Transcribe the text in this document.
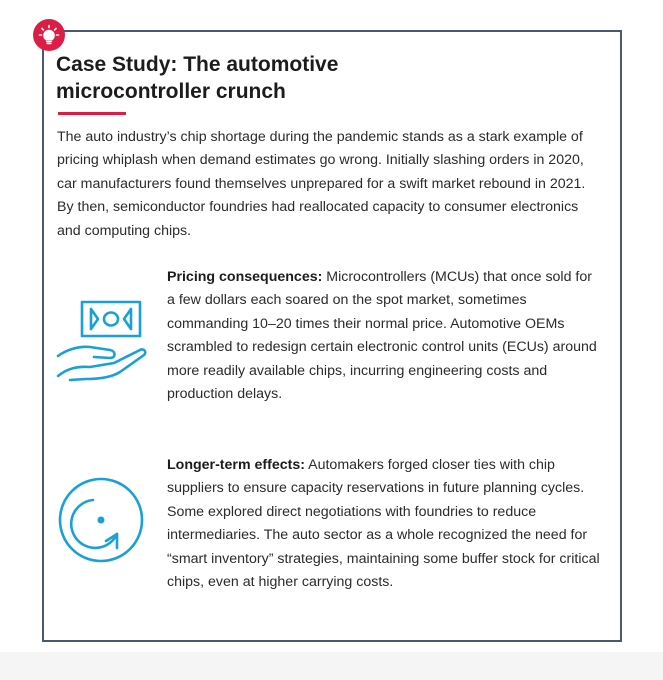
Case Study: The automotive
microcontroller crunch

The auto industry’s chip shortage during the pandemic stands as a stark example of pricing whiplash when demand estimates go wrong. Initially slashing orders in 2020, car manufacturers found themselves unprepared for a swift market rebound in 2021. By then, semiconductor foundries had reallocated capacity to consumer electronics and computing chips.

Pricing consequences: Microcontrollers (MCUs) that once sold for a few dollars each soared on the spot market, sometimes commanding 10–20 times their normal price. Automotive OEMs scrambled to redesign certain electronic control units (ECUs) around more readily available chips, incurring engineering costs and production delays.

Longer-term effects: Automakers forged closer ties with chip suppliers to ensure capacity reservations in future planning cycles. Some explored direct negotiations with foundries to reduce intermediaries. The auto sector as a whole recognized the need for “smart inventory” strategies, maintaining some buffer stock for critical chips, even at higher carrying costs.
